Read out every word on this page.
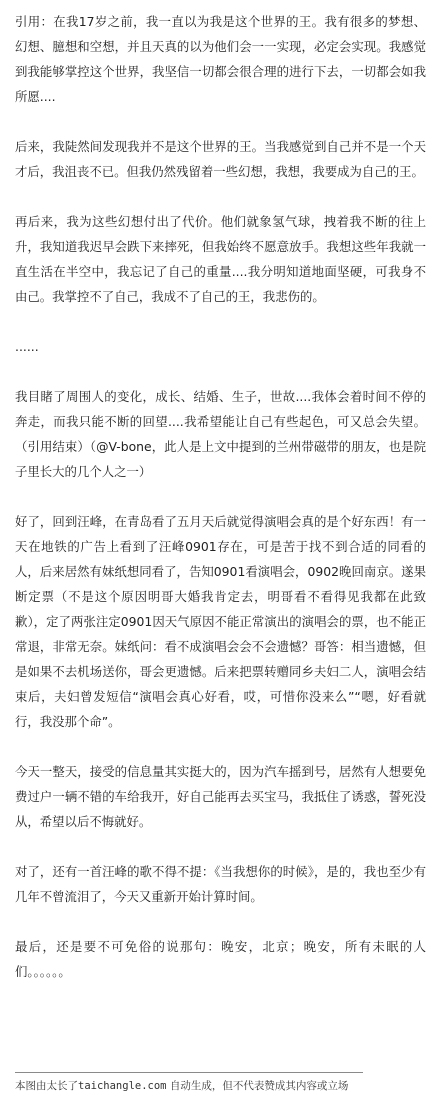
引用：在我17岁之前，我一直以为我是这个世界的王。我有很多的梦想、幻想、臆想和空想，并且天真的以为他们会一一实现，必定会实现。我感觉到我能够掌控这个世界，我坚信一切都会很合理的进行下去，一切都会如我所愿....

后来，我陡然间发现我并不是这个世界的王。当我感觉到自己并不是一个天才后，我沮丧不已。但我仍然残留着一些幻想，我想，我要成为自己的王。

再后来，我为这些幻想付出了代价。他们就象氢气球，拽着我不断的往上升，我知道我迟早会跌下来摔死，但我始终不愿意放手。我想这些年我就一直生活在半空中，我忘记了自己的重量....我分明知道地面坚硬，可我身不由己。我掌控不了自己，我成不了自己的王，我悲伤的。

......

我目睹了周围人的变化，成长、结婚、生子，世故....我体会着时间不停的奔走，而我只能不断的回望....我希望能让自己有些起色，可又总会失望。（引用结束）（@V-bone，此人是上文中提到的兰州带磁带的朋友，也是院子里长大的几个人之一）

好了，回到汪峰，在青岛看了五月天后就觉得演唱会真的是个好东西！有一天在地铁的广告上看到了汪峰0901存在，可是苦于找不到合适的同看的人，后来居然有妹纸想同看了，告知0901看演唱会，0902晚回南京。遂果断定票（不是这个原因明哥大婚我肯定去，明哥看不看得见我都在此致歉），定了两张注定0901因天气原因不能正常演出的演唱会的票，也不能正常退，非常无奈。妹纸问：看不成演唱会会不会遗憾？哥答：相当遗憾，但是如果不去机场送你，哥会更遗憾。后来把票转赠同乡夫妇二人，演唱会结束后，夫妇曾发短信“演唱会真心好看，哎，可惜你没来么”“嗯，好看就行，我没那个命”。

今天一整天，接受的信息量其实挺大的，因为汽车摇到号，居然有人想要免费过户一辆不错的车给我开，好自己能再去买宝马，我抵住了诱惑，誓死没从，希望以后不悔就好。

对了，还有一首汪峰的歌不得不提：《当我想你的时候》，是的，我也至少有几年不曾流泪了，今天又重新开始计算时间。

最后，还是要不可免俗的说那句：晚安，北京；晚安，所有未眠的人们。。。。。。

本图由太长了taichangle.com 自动生成，但不代表赞成其内容或立场
